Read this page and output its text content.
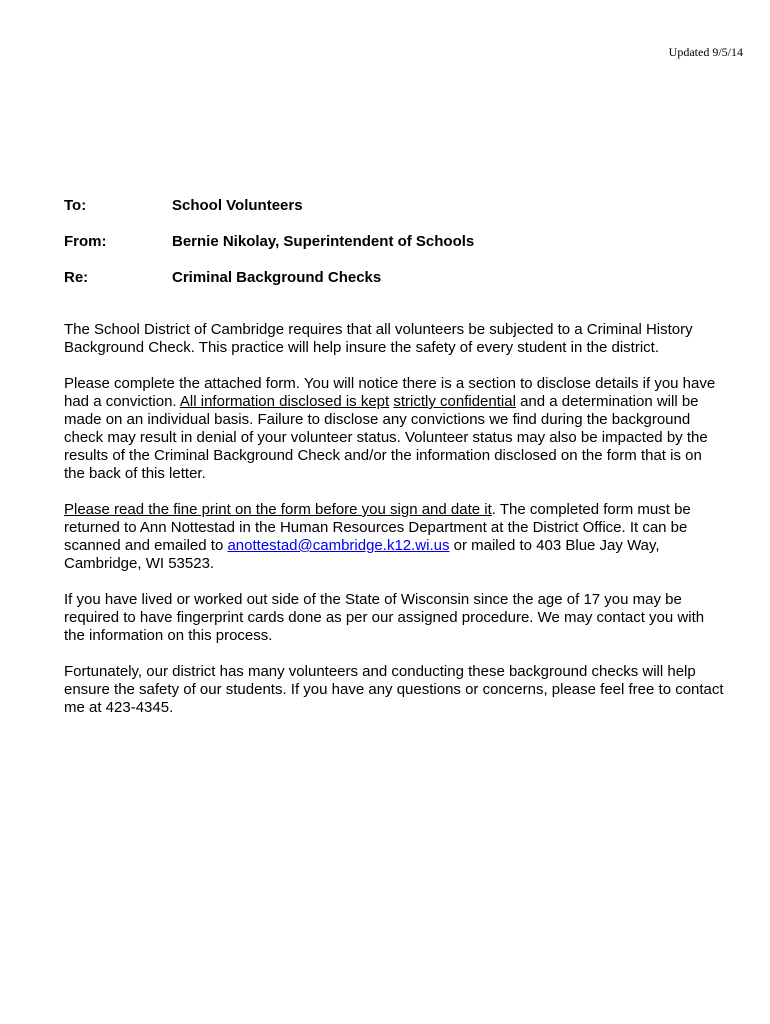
Updated 9/5/14
To:	School Volunteers
From:	Bernie Nikolay, Superintendent of Schools
Re:	Criminal Background Checks

The School District of Cambridge requires that all volunteers be subjected to a Criminal History Background Check. This practice will help insure the safety of every student in the district.

Please complete the attached form. You will notice there is a section to disclose details if you have had a conviction. All information disclosed is kept strictly confidential and a determination will be made on an individual basis. Failure to disclose any convictions we find during the background check may result in denial of your volunteer status. Volunteer status may also be impacted by the results of the Criminal Background Check and/or the information disclosed on the form that is on the back of this letter.

Please read the fine print on the form before you sign and date it. The completed form must be returned to Ann Nottestad in the Human Resources Department at the District Office. It can be scanned and emailed to anottestad@cambridge.k12.wi.us or mailed to 403 Blue Jay Way, Cambridge, WI 53523.

If you have lived or worked out side of the State of Wisconsin since the age of 17 you may be required to have fingerprint cards done as per our assigned procedure. We may contact you with the information on this process.

Fortunately, our district has many volunteers and conducting these background checks will help ensure the safety of our students. If you have any questions or concerns, please feel free to contact me at 423-4345.
